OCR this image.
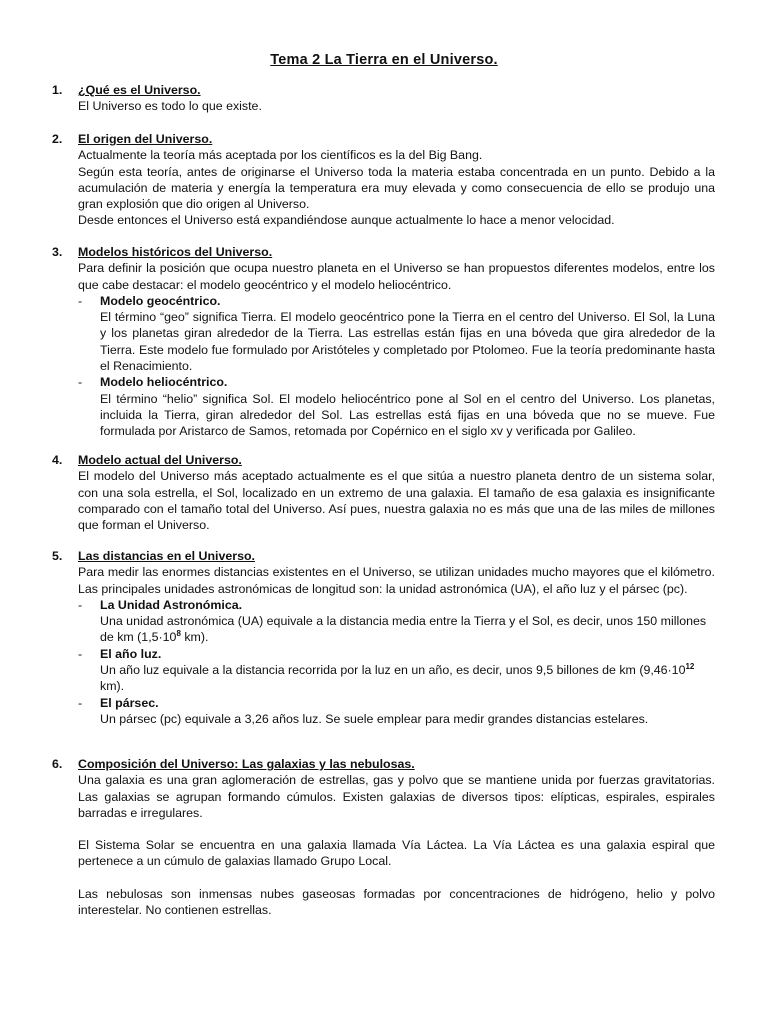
Tema 2 La Tierra en el Universo.
1. ¿Qué es el Universo.

El Universo es todo lo que existe.

2. El origen del Universo.

Actualmente la teoría más aceptada por los científicos es la del Big Bang.

Según esta teoría, antes de originarse el Universo toda la materia estaba concentrada en un punto. Debido a la acumulación de materia y energía la temperatura era muy elevada y como consecuencia de ello se produjo una gran explosión que dio origen al Universo.

Desde entonces el Universo está expandiéndose aunque actualmente lo hace a menor velocidad.

3. Modelos históricos del Universo.

Para definir la posición que ocupa nuestro planeta en el Universo se han propuestos diferentes modelos, entre los que cabe destacar: el modelo geocéntrico y el modelo heliocéntrico.

- Modelo geocéntrico.

El término “geo” significa Tierra. El modelo geocéntrico pone la Tierra en el centro del Universo. El Sol, la Luna y los planetas giran alrededor de la Tierra. Las estrellas están fijas en una bóveda que gira alrededor de la Tierra. Este modelo fue formulado por Aristóteles y completado por Ptolomeo. Fue la teoría predominante hasta el Renacimiento.

- Modelo heliocéntrico.

El término “helio” significa Sol. El modelo heliocéntrico pone al Sol en el centro del Universo. Los planetas, incluida la Tierra, giran alrededor del Sol. Las estrellas está fijas en una bóveda que no se mueve. Fue formulada por Aristarco de Samos, retomada por Copérnico en el siglo xv y verificada por Galileo.

4. Modelo actual del Universo.

El modelo del Universo más aceptado actualmente es el que sitúa a nuestro planeta dentro de un sistema solar, con una sola estrella, el Sol, localizado en un extremo de una galaxia. El tamaño de esa galaxia es insignificante comparado con el tamaño total del Universo. Así pues, nuestra galaxia no es más que una de las miles de millones que forman el Universo.

5. Las distancias en el Universo.

Para medir las enormes distancias existentes en el Universo, se utilizan unidades mucho mayores que el kilómetro. Las principales unidades astronómicas de longitud son: la unidad astronómica (UA), el año luz y el pársec (pc).

- La Unidad Astronómica.

Una unidad astronómica (UA) equivale a la distancia media entre la Tierra y el Sol, es decir, unos 150 millones de km ($1,5\cdot 10^8$ km).

- El año luz.

Un año luz equivale a la distancia recorrida por la luz en un año, es decir, unos 9,5 billones de km ($9,46\cdot 10^{12}$ km).

- El pársec.

Un pársec (pc) equivale a 3,26 años luz. Se suele emplear para medir grandes distancias estelares.

6. Composición del Universo: Las galaxias y las nebulosas.

Una galaxia es una gran aglomeración de estrellas, gas y polvo que se mantiene unida por fuerzas gravitatorias. Las galaxias se agrupan formando cúmulos. Existen galaxias de diversos tipos: elípticas, espirales, espirales barradas e irregulares.

El Sistema Solar se encuentra en una galaxia llamada Vía Láctea. La Vía Láctea es una galaxia espiral que pertenece a un cúmulo de galaxias llamado Grupo Local.

Las nebulosas son inmensas nubes gaseosas formadas por concentraciones de hidrógeno, helio y polvo interestelar. No contienen estrellas.
